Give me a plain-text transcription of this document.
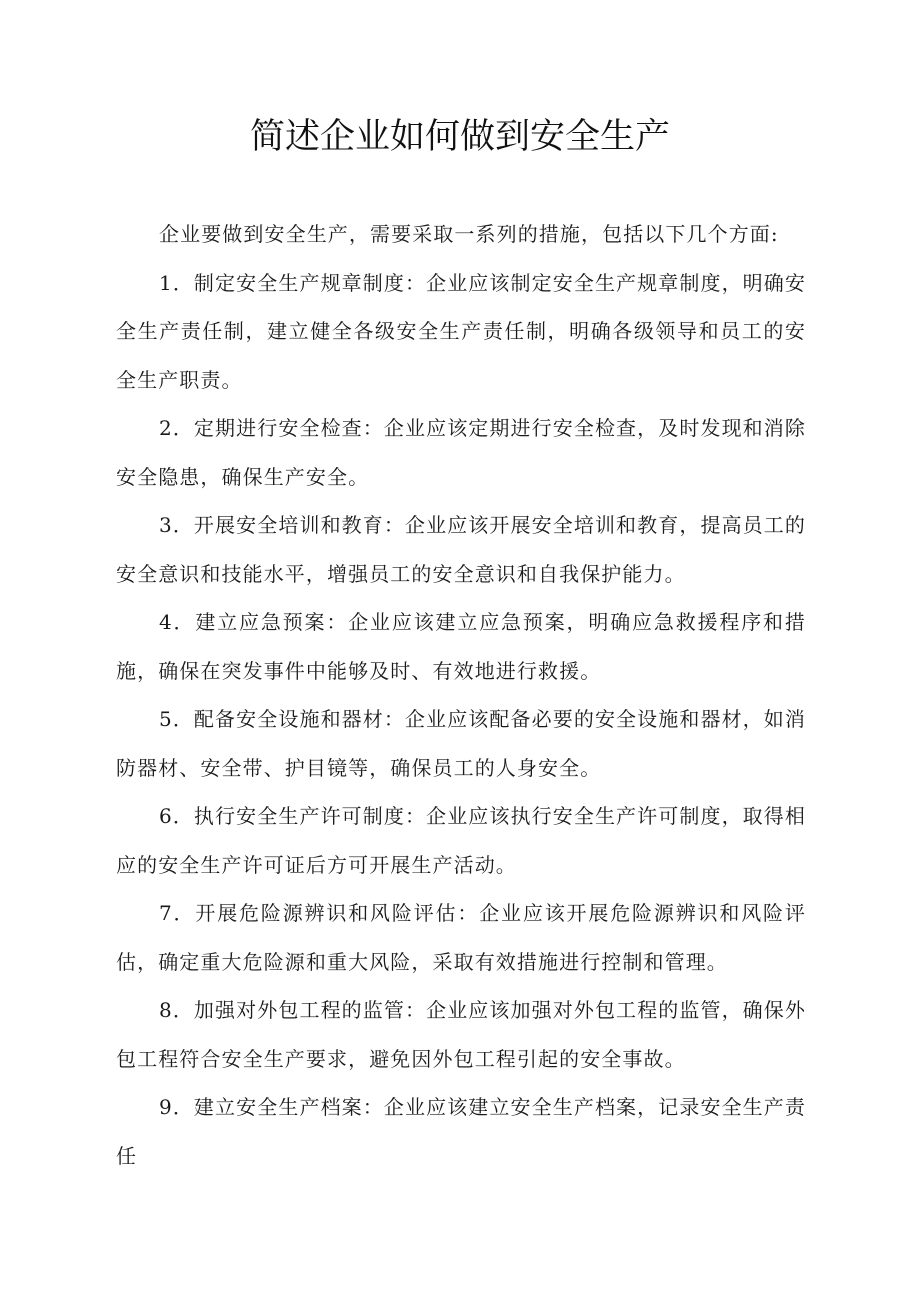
简述企业如何做到安全生产

企业要做到安全生产，需要采取一系列的措施，包括以下几个方面:

1．制定安全生产规章制度：企业应该制定安全生产规章制度，明确安全生产责任制，建立健全各级安全生产责任制，明确各级领导和员工的安全生产职责。

2．定期进行安全检查：企业应该定期进行安全检查，及时发现和消除安全隐患，确保生产安全。

3．开展安全培训和教育：企业应该开展安全培训和教育，提高员工的安全意识和技能水平，增强员工的安全意识和自我保护能力。

4．建立应急预案：企业应该建立应急预案，明确应急救援程序和措施，确保在突发事件中能够及时、有效地进行救援。

5．配备安全设施和器材：企业应该配备必要的安全设施和器材，如消防器材、安全带、护目镜等，确保员工的人身安全。

6．执行安全生产许可制度：企业应该执行安全生产许可制度，取得相应的安全生产许可证后方可开展生产活动。

7．开展危险源辨识和风险评估：企业应该开展危险源辨识和风险评估，确定重大危险源和重大风险，采取有效措施进行控制和管理。

8．加强对外包工程的监管：企业应该加强对外包工程的监管，确保外包工程符合安全生产要求，避免因外包工程引起的安全事故。

9．建立安全生产档案：企业应该建立安全生产档案，记录安全生产责任
